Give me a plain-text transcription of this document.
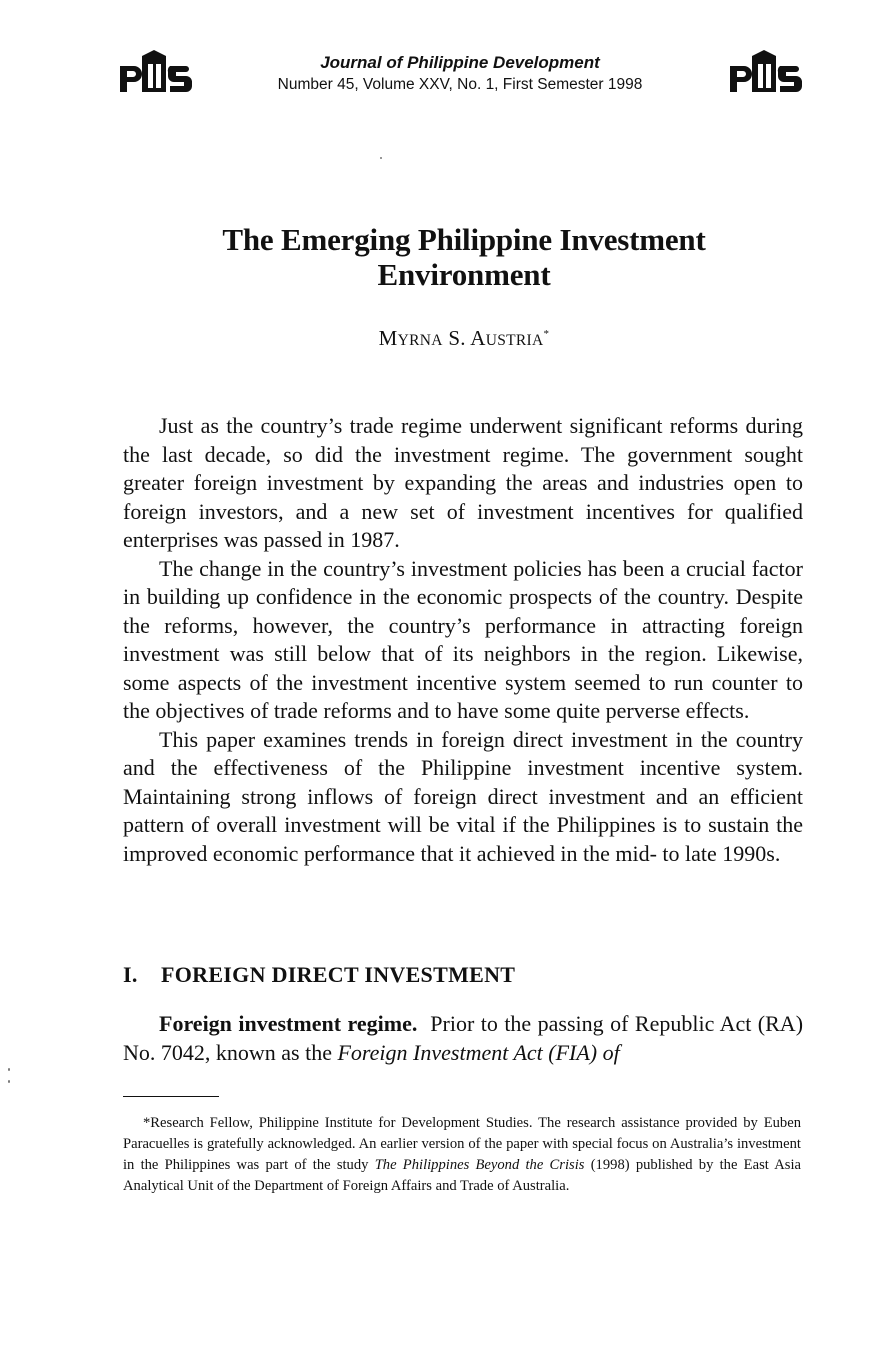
Journal of Philippine Development
Number 45, Volume XXV, No. 1, First Semester 1998
The Emerging Philippine Investment
Environment
MYRNA S. AUSTRIA*

Just as the country’s trade regime underwent significant reforms during the last decade, so did the investment regime. The government sought greater foreign investment by expanding the areas and industries open to foreign investors, and a new set of investment incentives for qualified enterprises was passed in 1987.

The change in the country’s investment policies has been a crucial factor in building up confidence in the economic prospects of the country. Despite the reforms, however, the country’s performance in attracting foreign investment was still below that of its neighbors in the region. Likewise, some aspects of the investment incentive system seemed to run counter to the objectives of trade reforms and to have some quite perverse effects.

This paper examines trends in foreign direct investment in the country and the effectiveness of the Philippine investment incentive system. Maintaining strong inflows of foreign direct investment and an efficient pattern of overall investment will be vital if the Philippines is to sustain the improved economic performance that it achieved in the mid- to late 1990s.

I. FOREIGN DIRECT INVESTMENT

Foreign investment regime. Prior to the passing of Republic Act (RA) No. 7042, known as the Foreign Investment Act (FIA) of

*Research Fellow, Philippine Institute for Development Studies. The research assistance provided by Euben Paracuelles is gratefully acknowledged. An earlier version of the paper with special focus on Australia’s investment in the Philippines was part of the study The Philippines Beyond the Crisis (1998) published by the East Asia Analytical Unit of the Department of Foreign Affairs and Trade of Australia.
